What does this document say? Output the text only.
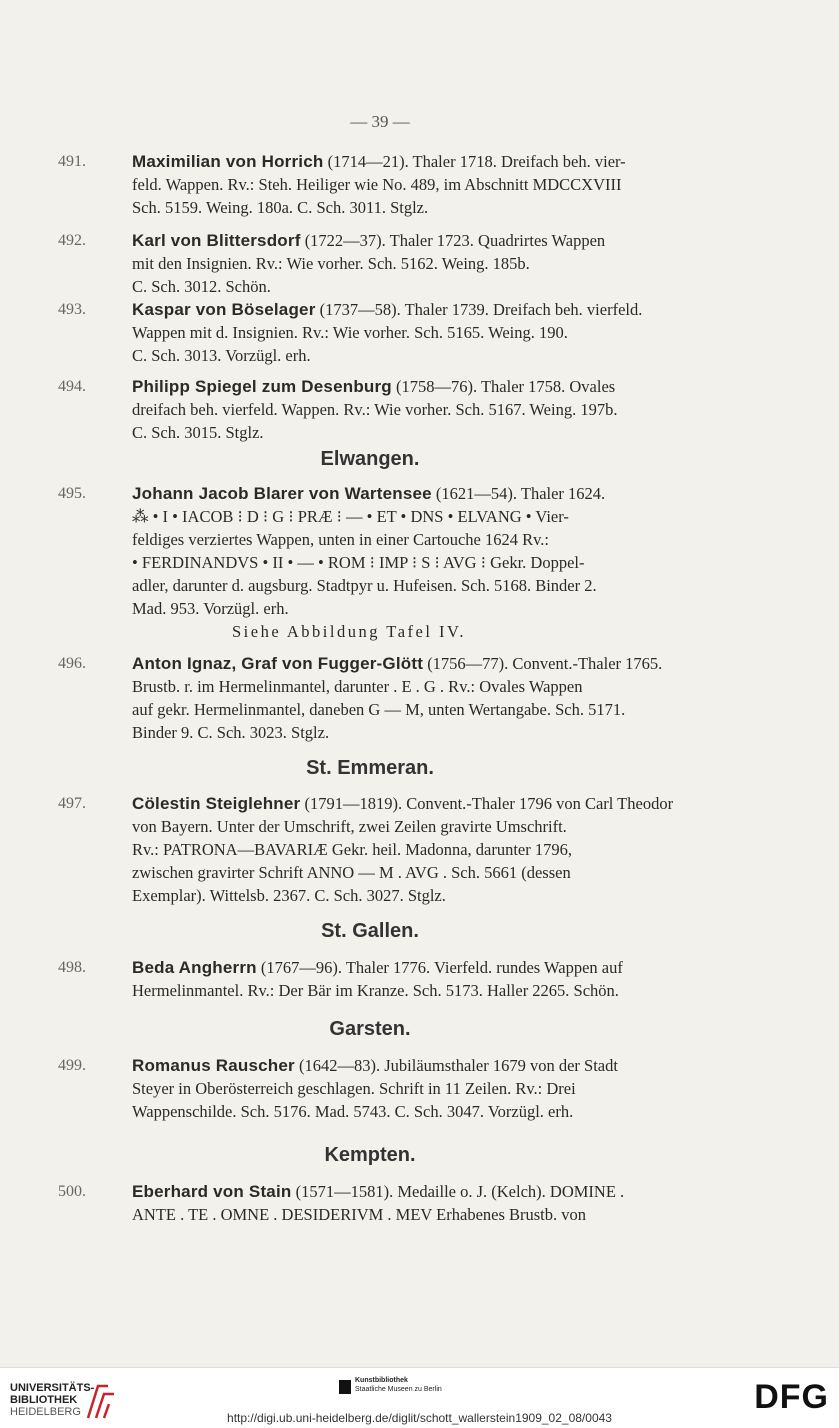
— 39 —
491.	Maximilian von Horrich (1714—21). Thaler 1718. Dreifach beh. vier-
feld. Wappen. Rv.: Steh. Heiliger wie No. 489, im Abschnitt MDCCXVIII
Sch. 5159. Weing. 180a. C. Sch. 3011. Stglz.
492.	Karl von Blittersdorf (1722—37). Thaler 1723. Quadrirtes Wappen
mit den Insignien. Rv.: Wie vorher. Sch. 5162. Weing. 185b.
C. Sch. 3012. Schön.
493.	Kaspar von Böselager (1737—58). Thaler 1739. Dreifach beh. vierfeld.
Wappen mit d. Insignien. Rv.: Wie vorher. Sch. 5165. Weing. 190.
C. Sch. 3013. Vorzügl. erh.
494.	Philipp Spiegel zum Desenburg (1758—76). Thaler 1758. Ovales
dreifach beh. vierfeld. Wappen. Rv.: Wie vorher. Sch. 5167. Weing. 197b.
C. Sch. 3015. Stglz.
Elwangen.
495.	Johann Jacob Blarer von Wartensee (1621—54). Thaler 1624.
⁂ • I • IACOB ⁝ D ⁝ G ⁝ PRÆ ⁝ — • ET • DNS • ELVANG • Vier-
feldiges verziertes Wappen, unten in einer Cartouche 1624 Rv.:
• FERDINANDVS • II • — • ROM ⁝ IMP ⁝ S ⁝ AVG ⁝ Gekr. Doppel-
adler, darunter d. augsburg. Stadtpyr u. Hufeisen. Sch. 5168. Binder 2.
Mad. 953. Vorzügl. erh.
Siehe Abbildung Tafel IV.
496.	Anton Ignaz, Graf von Fugger-Glött (1756—77). Convent.-Thaler 1765.
Brustb. r. im Hermelinmantel, darunter . E . G . Rv.: Ovales Wappen
auf gekr. Hermelinmantel, daneben G — M, unten Wertangabe. Sch. 5171.
Binder 9. C. Sch. 3023. Stglz.
St. Emmeran.
497.	Cölestin Steiglehner (1791—1819). Convent.-Thaler 1796 von Carl Theodor
von Bayern. Unter der Umschrift, zwei Zeilen gravirte Umschrift.
Rv.: PATRONA—BAVARIÆ Gekr. heil. Madonna, darunter 1796,
zwischen gravirter Schrift ANNO — M . AVG . Sch. 5661 (dessen
Exemplar). Wittelsb. 2367. C. Sch. 3027. Stglz.
St. Gallen.
498.	Beda Angherrn (1767—96). Thaler 1776. Vierfeld. rundes Wappen auf
Hermelinmantel. Rv.: Der Bär im Kranze. Sch. 5173. Haller 2265. Schön.
Garsten.
499.	Romanus Rauscher (1642—83). Jubiläumsthaler 1679 von der Stadt
Steyer in Oberösterreich geschlagen. Schrift in 11 Zeilen. Rv.: Drei
Wappenschilde. Sch. 5176. Mad. 5743. C. Sch. 3047. Vorzügl. erh.
Kempten.
500.	Eberhard von Stain (1571—1581). Medaille o. J. (Kelch). DOMINE .
ANTE . TE . OMNE . DESIDERIVM . MEV Erhabenes Brustb. von
UNIVERSITÄTS-
BIBLIOTHEK
HEIDELBERG
Kunstbibliothek
Staatliche Museen zu Berlin	DFG
http://digi.ub.uni-heidelberg.de/diglit/schott_wallerstein1909_02_08/0043
